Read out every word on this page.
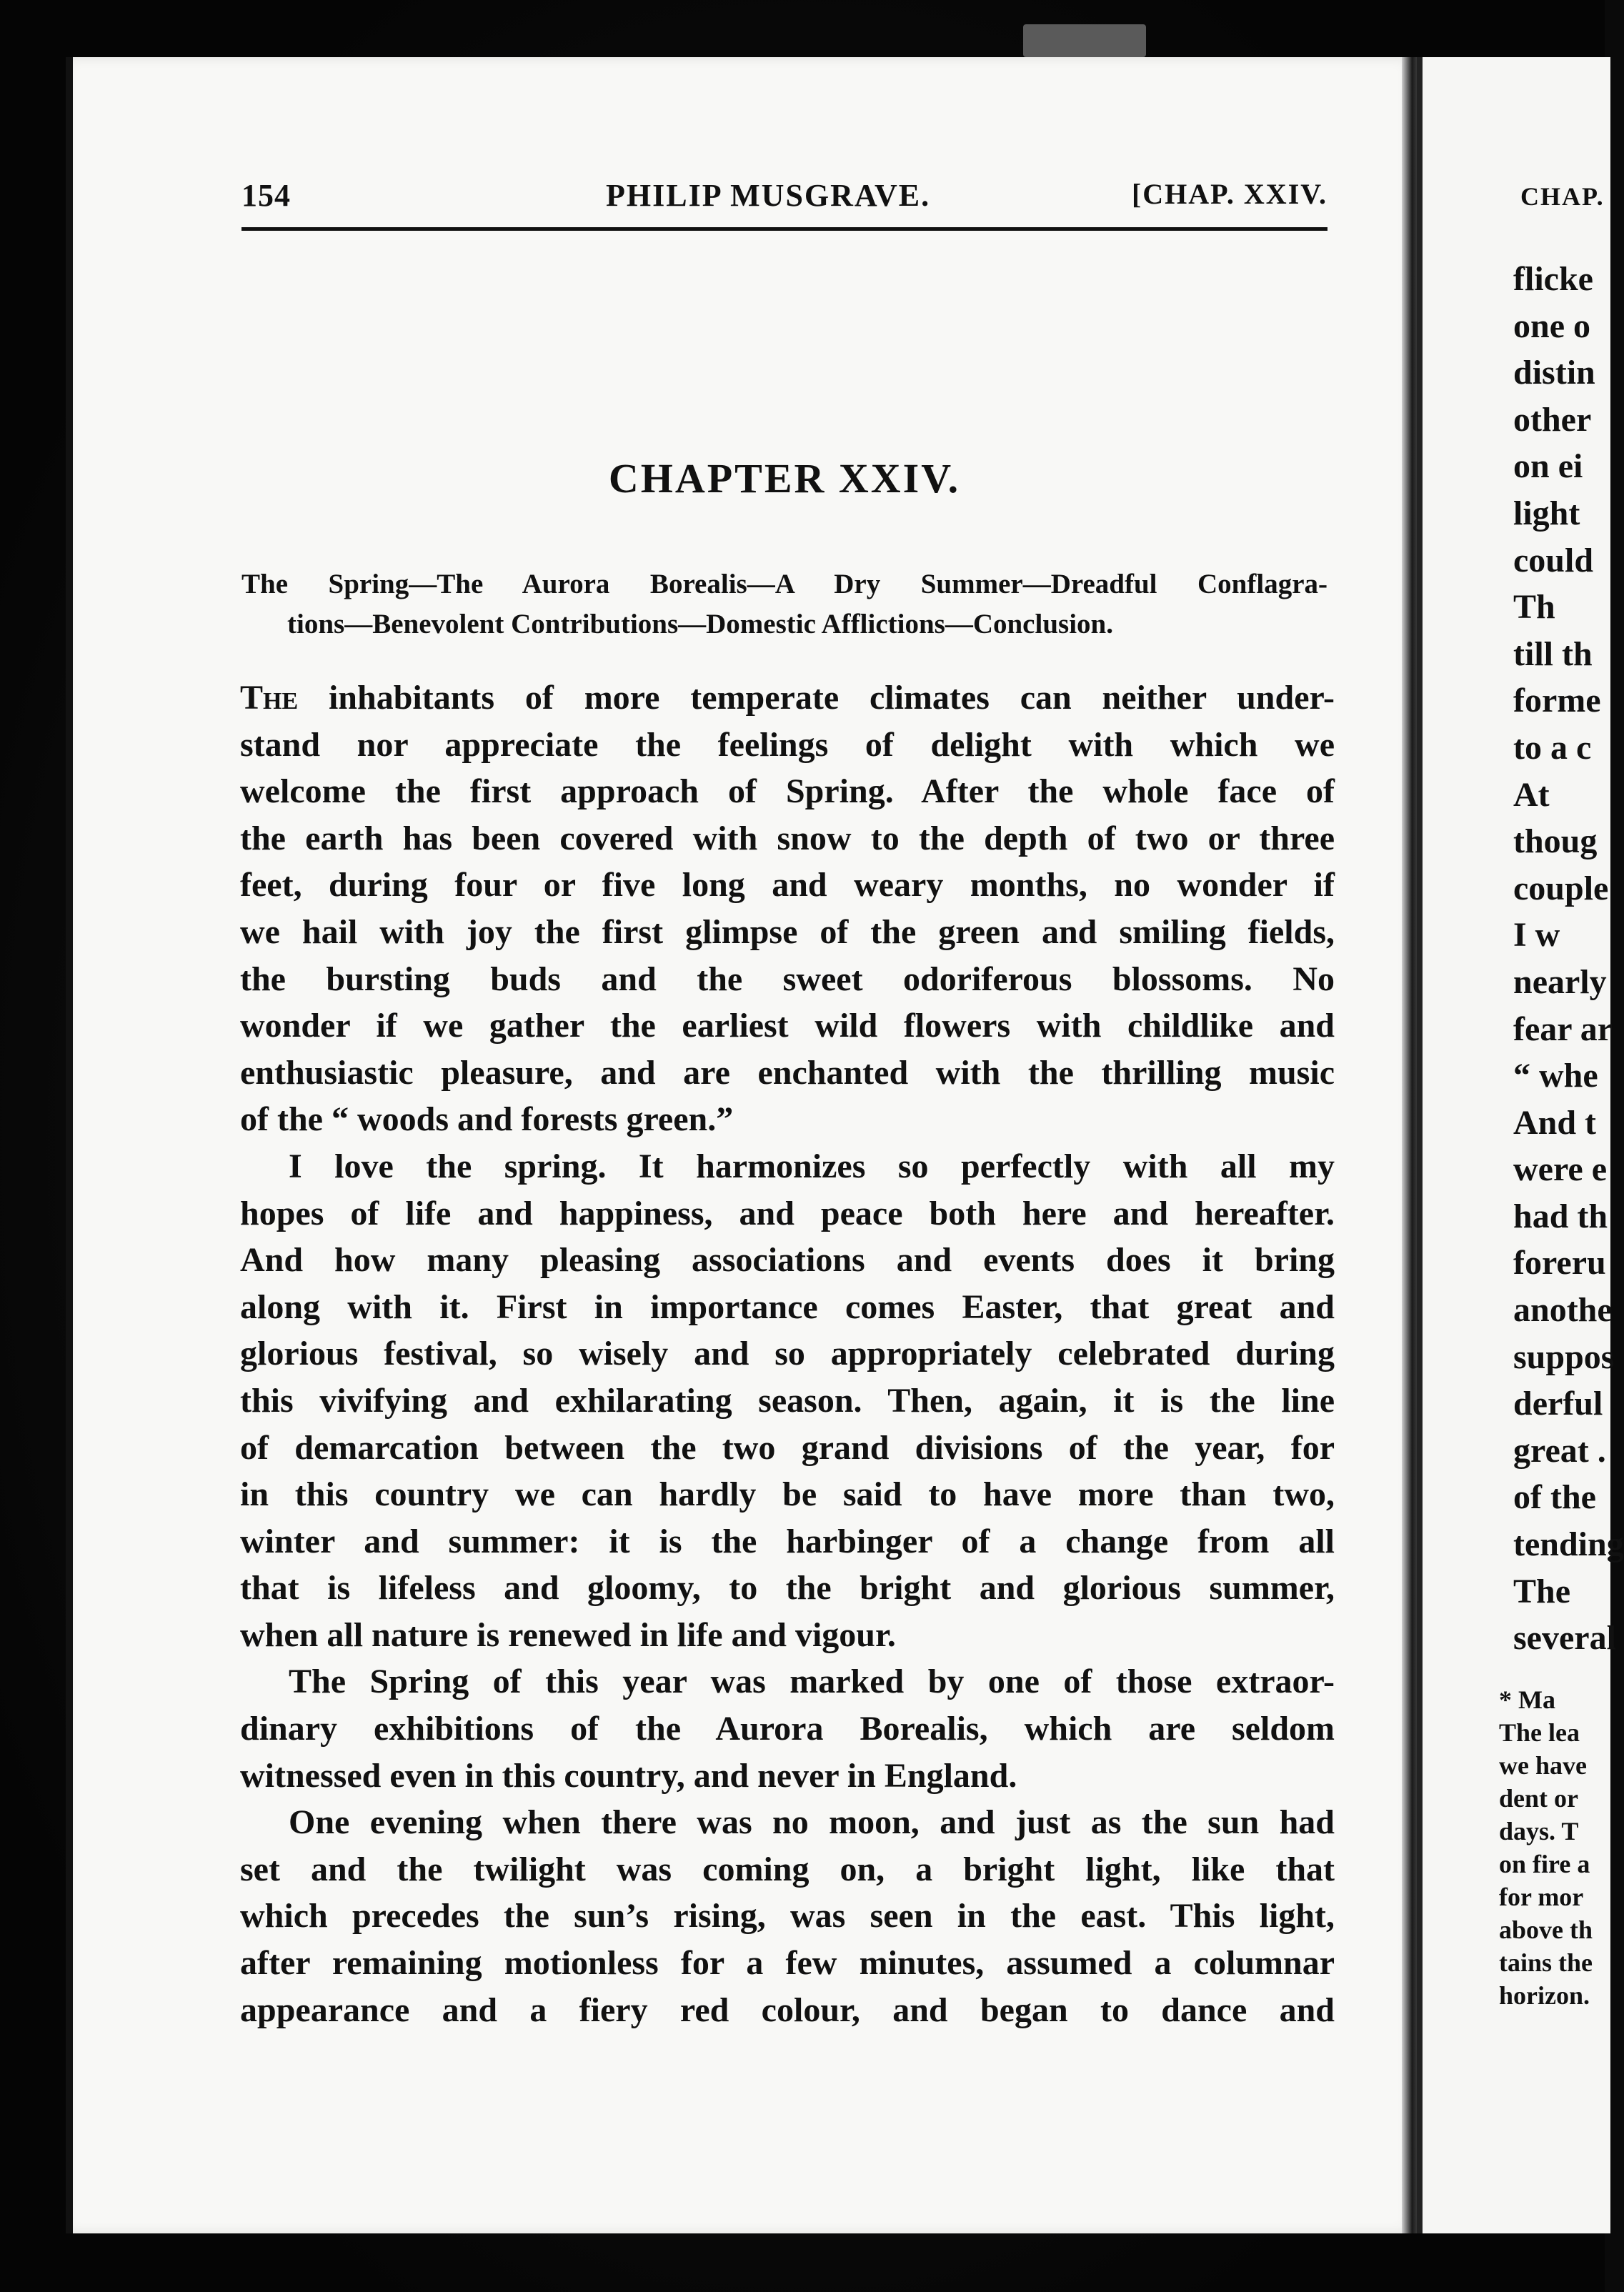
154	PHILIP MUSGRAVE.	[CHAP. XXIV.
CHAPTER XXIV.
The Spring—The Aurora Borealis—A Dry Summer—Dreadful Conflagra-
tions—Benevolent Contributions—Domestic Afflictions—Conclusion.
The inhabitants of more temperate climates can neither under-
stand nor appreciate the feelings of delight with which we
welcome the first approach of Spring. After the whole face of
the earth has been covered with snow to the depth of two or three
feet, during four or five long and weary months, no wonder if
we hail with joy the first glimpse of the green and smiling fields,
the bursting buds and the sweet odoriferous blossoms. No
wonder if we gather the earliest wild flowers with childlike and
enthusiastic pleasure, and are enchanted with the thrilling music
of the “ woods and forests green.”
I love the spring. It harmonizes so perfectly with all my
hopes of life and happiness, and peace both here and hereafter.
And how many pleasing associations and events does it bring
along with it. First in importance comes Easter, that great and
glorious festival, so wisely and so appropriately celebrated during
this vivifying and exhilarating season. Then, again, it is the line
of demarcation between the two grand divisions of the year, for
in this country we can hardly be said to have more than two,
winter and summer: it is the harbinger of a change from all
that is lifeless and gloomy, to the bright and glorious summer,
when all nature is renewed in life and vigour.
The Spring of this year was marked by one of those extraor-
dinary exhibitions of the Aurora Borealis, which are seldom
witnessed even in this country, and never in England.
One evening when there was no moon, and just as the sun had
set and the twilight was coming on, a bright light, like that
which precedes the sun’s rising, was seen in the east. This light,
after remaining motionless for a few minutes, assumed a columnar
appearance and a fiery red colour, and began to dance and
CHAP.
flicke
one o
distin
other
on ei
light
could
Th
till th
forme
to a c
At
thoug
couple
I w
nearly
fear ar
“ whe
And t
were e
had th
foreru
anothe
suppos
derful
great .
of the
tending
The
several
* Ma
The lea
we have
dent or
days. T
on fire a
for mor
above th
tains the
horizon.
